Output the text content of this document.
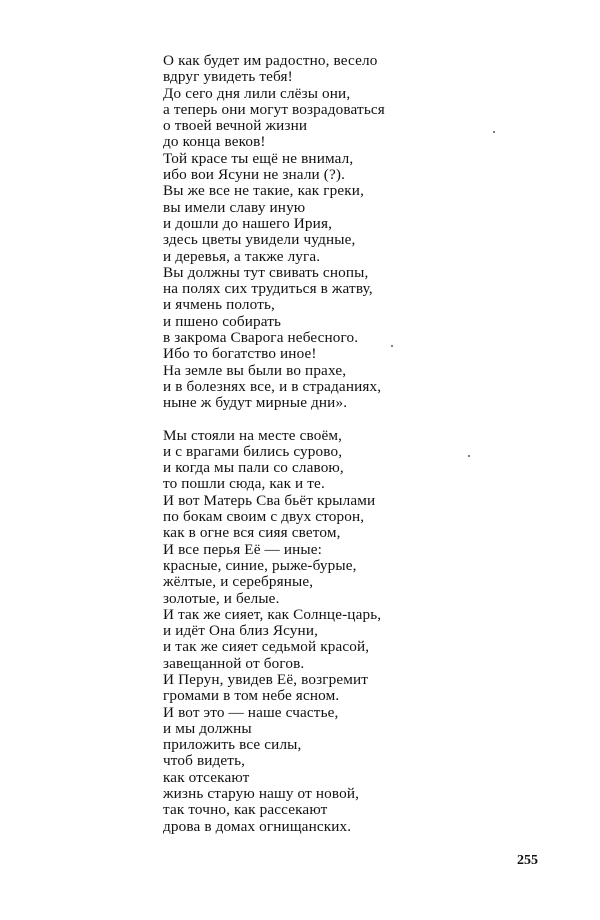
О как будет им радостно, весело
вдруг увидеть тебя!
До сего дня лили слёзы они,
а теперь они могут возрадоваться
о твоей вечной жизни
до конца веков!
Той красе ты ещё не внимал,
ибо вои Ясуни не знали (?).
Вы же все не такие, как греки,
вы имели славу иную
и дошли до нашего Ирия,
здесь цветы увидели чудные,
и деревья, а также луга.
Вы должны тут свивать снопы,
на полях сих трудиться в жатву,
и ячмень полоть,
и пшено собирать
в закрома Сварога небесного.
Ибо то богатство иное!
На земле вы были во прахе,
и в болезнях все, и в страданиях,
ныне ж будут мирные дни».
Мы стояли на месте своём,
и с врагами бились сурово,
и когда мы пали со славою,
то пошли сюда, как и те.
И вот Матерь Сва бьёт крылами
по бокам своим с двух сторон,
как в огне вся сияя светом,
И все перья Её — иные:
красные, синие, рыже-бурые,
жёлтые, и серебряные,
золотые, и белые.
И так же сияет, как Солнце-царь,
и идёт Она близ Ясуни,
и так же сияет седьмой красой,
завещанной от богов.
И Перун, увидев Её, возгремит
громами в том небе ясном.
И вот это — наше счастье,
и мы должны
приложить все силы,
чтоб видеть,
как отсекают
жизнь старую нашу от новой,
так точно, как рассекают
дрова в домах огнищанских.
255
